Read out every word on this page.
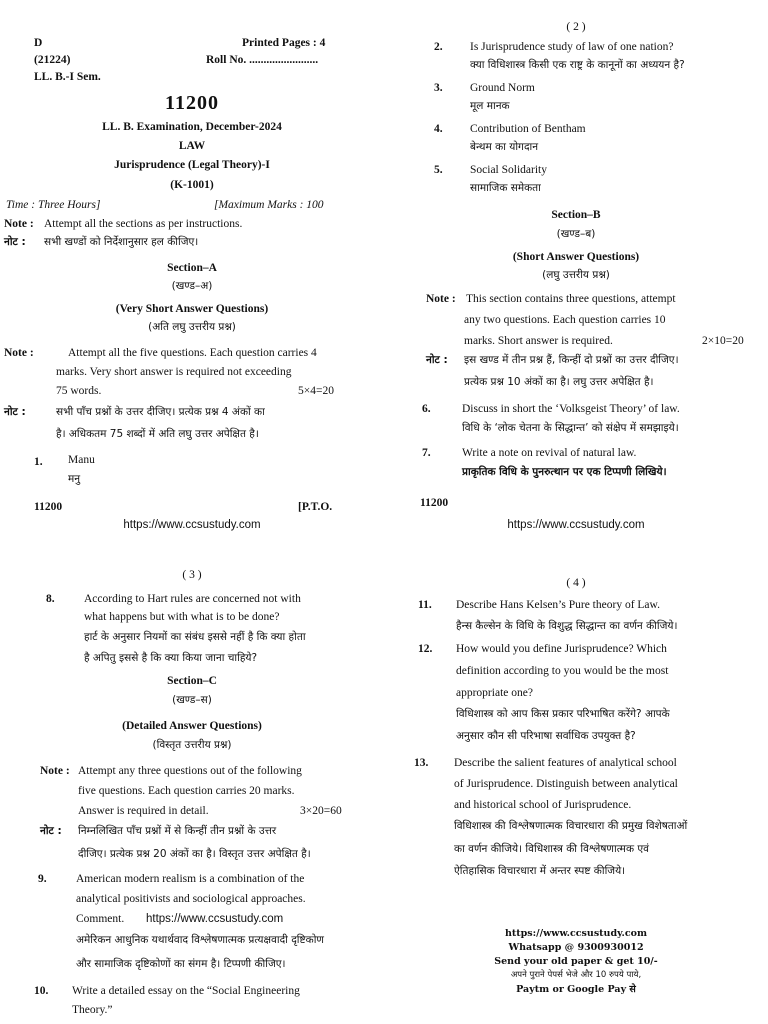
D	Printed Pages : 4
(21224)	Roll No. ........................
LL. B.-I Sem.
11200
LL. B. Examination, December-2024
LAW
Jurisprudence (Legal Theory)-I
(K-1001)
Time : Three Hours]	[Maximum Marks : 100
Note : Attempt all the sections as per instructions.
नोट : सभी खण्डों को निर्देशानुसार हल कीजिए।
Section–A
(खण्ड–अ)
(Very Short Answer Questions)
(अति लघु उत्तरीय प्रश्न)
Note :	Attempt all the five questions. Each question carries 4
marks. Very short answer is required not exceeding
75 words.	5×4=20
नोट :	सभी पाँच प्रश्नों के उत्तर दीजिए। प्रत्येक प्रश्न 4 अंकों का
है। अधिकतम 75 शब्दों में अति लघु उत्तर अपेक्षित है।
1. Manu
मनु
11200	[P.T.O.
https://www.ccsustudy.com
( 2 )
2. Is Jurisprudence study of law of one nation?
क्या विधिशास्त्र किसी एक राष्ट्र के कानूनों का अध्ययन है?
3. Ground Norm
मूल मानक
4. Contribution of Bentham
बेन्थम का योगदान
5. Social Solidarity
सामाजिक समेकता
Section–B
(खण्ड–ब)
(Short Answer Questions)
(लघु उत्तरीय प्रश्न)
Note : This section contains three questions, attempt
any two questions. Each question carries 10
marks. Short answer is required.	2×10=20
नोट : इस खण्ड में तीन प्रश्न हैं, किन्हीं दो प्रश्नों का उत्तर दीजिए।
प्रत्येक प्रश्न 10 अंकों का है। लघु उत्तर अपेक्षित है।
6.	Discuss in short the ‘Volksgeist Theory’ of law.
विधि के ‘लोक चेतना के सिद्धान्त’ को संक्षेप में समझाइये।
7.	Write a note on revival of natural law.
प्राकृतिक विधि के पुनरुत्थान पर एक टिप्पणी लिखिये।
11200
https://www.ccsustudy.com
( 3 )
8.	According to Hart rules are concerned not with
what happens but with what is to be done?
हार्ट के अनुसार नियमों का संबंध इससे नहीं है कि क्या होता
है अपितु इससे है कि क्या किया जाना चाहिये?
Section–C
(खण्ड–स)
(Detailed Answer Questions)
(विस्तृत उत्तरीय प्रश्न)
Note : Attempt any three questions out of the following
five questions. Each question carries 20 marks.
Answer is required in detail.	3×20=60
नोट : निम्नलिखित पाँच प्रश्नों में से किन्हीं तीन प्रश्नों के उत्तर
दीजिए। प्रत्येक प्रश्न 20 अंकों का है। विस्तृत उत्तर अपेक्षित है।
9.	American modern realism is a combination of the
analytical positivists and sociological approaches.
Comment. https://www.ccsustudy.com
अमेरिकन आधुनिक यथार्थवाद विश्लेषणात्मक प्रत्यक्षवादी दृष्टिकोण
और सामाजिक दृष्टिकोणों का संगम है। टिप्पणी कीजिए।
10. Write a detailed essay on the “Social Engineering
Theory.”
( 4 )
11. Describe Hans Kelsen’s Pure theory of Law.
हैन्स कैल्सेन के विधि के विशुद्ध सिद्धान्त का वर्णन कीजिये।
12. How would you define Jurisprudence? Which
definition according to you would be the most
appropriate one?
विधिशास्त्र को आप किस प्रकार परिभाषित करेंगे? आपके
अनुसार कौन सी परिभाषा सर्वाधिक उपयुक्त है?
13. Describe the salient features of analytical school
of Jurisprudence. Distinguish between analytical
and historical school of Jurisprudence.
विधिशास्त्र की विश्लेषणात्मक विचारधारा की प्रमुख विशेषताओं
का वर्णन कीजिये। विधिशास्त्र की विश्लेषणात्मक एवं
ऐतिहासिक विचारधारा में अन्तर स्पष्ट कीजिये।
https://www.ccsustudy.com
Whatsapp @ 9300930012
Send your old paper & get 10/-
अपने पुराने पेपर्स भेजे और 10 रुपये पाये,
Paytm or Google Pay से
